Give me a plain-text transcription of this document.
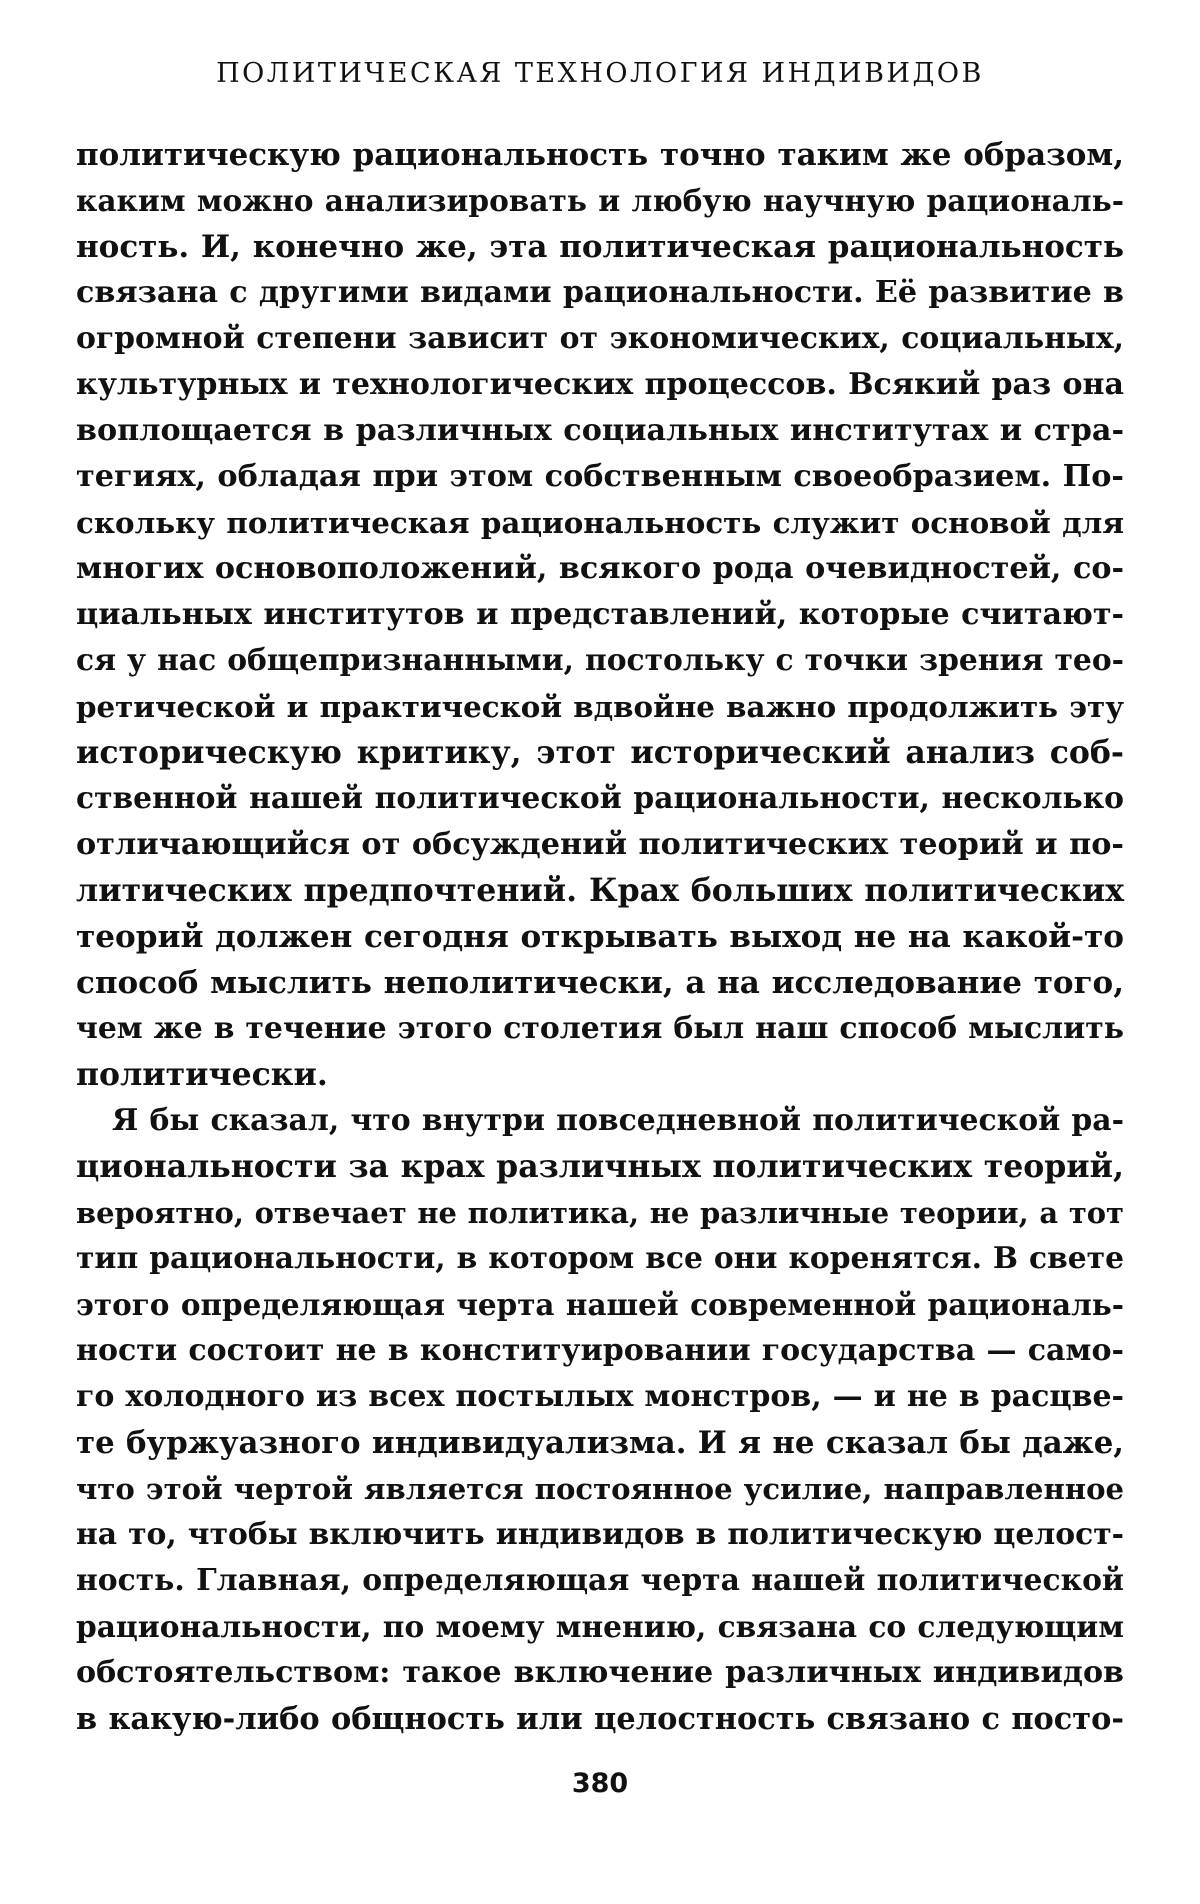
ПОЛИТИЧЕСКАЯ ТЕХНОЛОГИЯ ИНДИВИДОВ
политическую рациональность точно таким же образом,
каким можно анализировать и любую научную рациональ-
ность. И, конечно же, эта политическая рациональность
связана с другими видами рациональности. Её развитие в
огромной степени зависит от экономических, социальных,
культурных и технологических процессов. Всякий раз она
воплощается в различных социальных институтах и стра-
тегиях, обладая при этом собственным своеобразием. По-
скольку политическая рациональность служит основой для
многих основоположений, всякого рода очевидностей, со-
циальных институтов и представлений, которые считают-
ся у нас общепризнанными, постольку с точки зрения тео-
ретической и практической вдвойне важно продолжить эту
историческую критику, этот исторический анализ соб-
ственной нашей политической рациональности, несколько
отличающийся от обсуждений политических теорий и по-
литических предпочтений. Крах больших политических
теорий должен сегодня открывать выход не на какой-то
способ мыслить неполитически, а на исследование того,
чем же в течение этого столетия был наш способ мыслить
политически.
Я бы сказал, что внутри повседневной политической ра-
циональности за крах различных политических теорий,
вероятно, отвечает не политика, не различные теории, а тот
тип рациональности, в котором все они коренятся. В свете
этого определяющая черта нашей современной рациональ-
ности состоит не в конституировании государства — само-
го холодного из всех постылых монстров, — и не в расцве-
те буржуазного индивидуализма. И я не сказал бы даже,
что этой чертой является постоянное усилие, направленное
на то, чтобы включить индивидов в политическую целост-
ность. Главная, определяющая черта нашей политической
рациональности, по моему мнению, связана со следующим
обстоятельством: такое включение различных индивидов
в какую-либо общность или целостность связано с посто-
380
